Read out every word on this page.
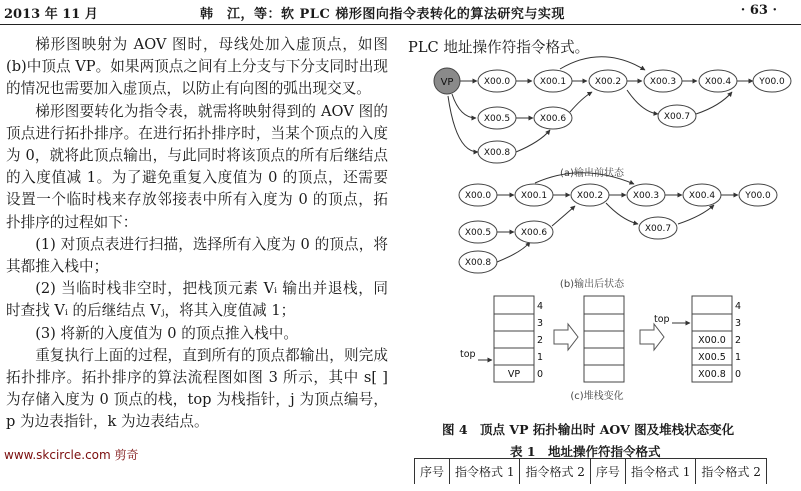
2013 年 11 月	韩　江，等：软 PLC 梯形图向指令表转化的算法研究与实现	· 63 ·

梯形图映射为 AOV 图时，母线处加入虚顶点，如图(b)中顶点 VP。如果两顶点之间有上分支与下分支同时出现的情况也需要加入虚顶点，以防止有向图的弧出现交叉。

梯形图要转化为指令表，就需将映射得到的 AOV 图的顶点进行拓扑排序。在进行拓扑排序时，当某个顶点的入度为 0，就将此顶点输出，与此同时将该顶点的所有后继结点的入度值减 1。为了避免重复入度值为 0 的顶点，还需要设置一个临时栈来存放邻接表中所有入度为 0 的顶点，拓扑排序的过程如下：

(1) 对顶点表进行扫描，选择所有入度为 0 的顶点，将其都推入栈中；

(2) 当临时栈非空时，把栈顶元素 Vᵢ 输出并退栈，同时查找 Vᵢ 的后继结点 Vⱼ，将其入度值减 1；

(3) 将新的入度值为 0 的顶点推入栈中。

重复执行上面的过程，直到所有的顶点都输出，则完成拓扑排序。拓扑排序的算法流程图如图 3 所示，其中 s[ ] 为存储入度为 0 顶点的栈，top 为栈指针，j 为顶点编号，p 为边表指针，k 为边表结点。

PLC 地址操作符指令格式。
VP	X00.0	X00.1	X00.2	X00.3	X00.4	Y00.0
X00.5	X00.6	X00.7
X00.8
(a)输出前状态
X00.0	X00.1	X00.2	X00.3	X00.4	Y00.0
X00.5	X00.6	X00.7
X00.8
(b)输出后状态
VP
4
3
2
1
0
top
X00.0
X00.5
X00.8
4
3
2
1
0
top
(c)堆栈变化
图 4　顶点 VP 拓扑输出时 AOV 图及堆栈状态变化
表 1　地址操作符指令格式
序号	指令格式 1	指令格式 2	序号	指令格式 1	指令格式 2
www.skcircle.com 剪奇
